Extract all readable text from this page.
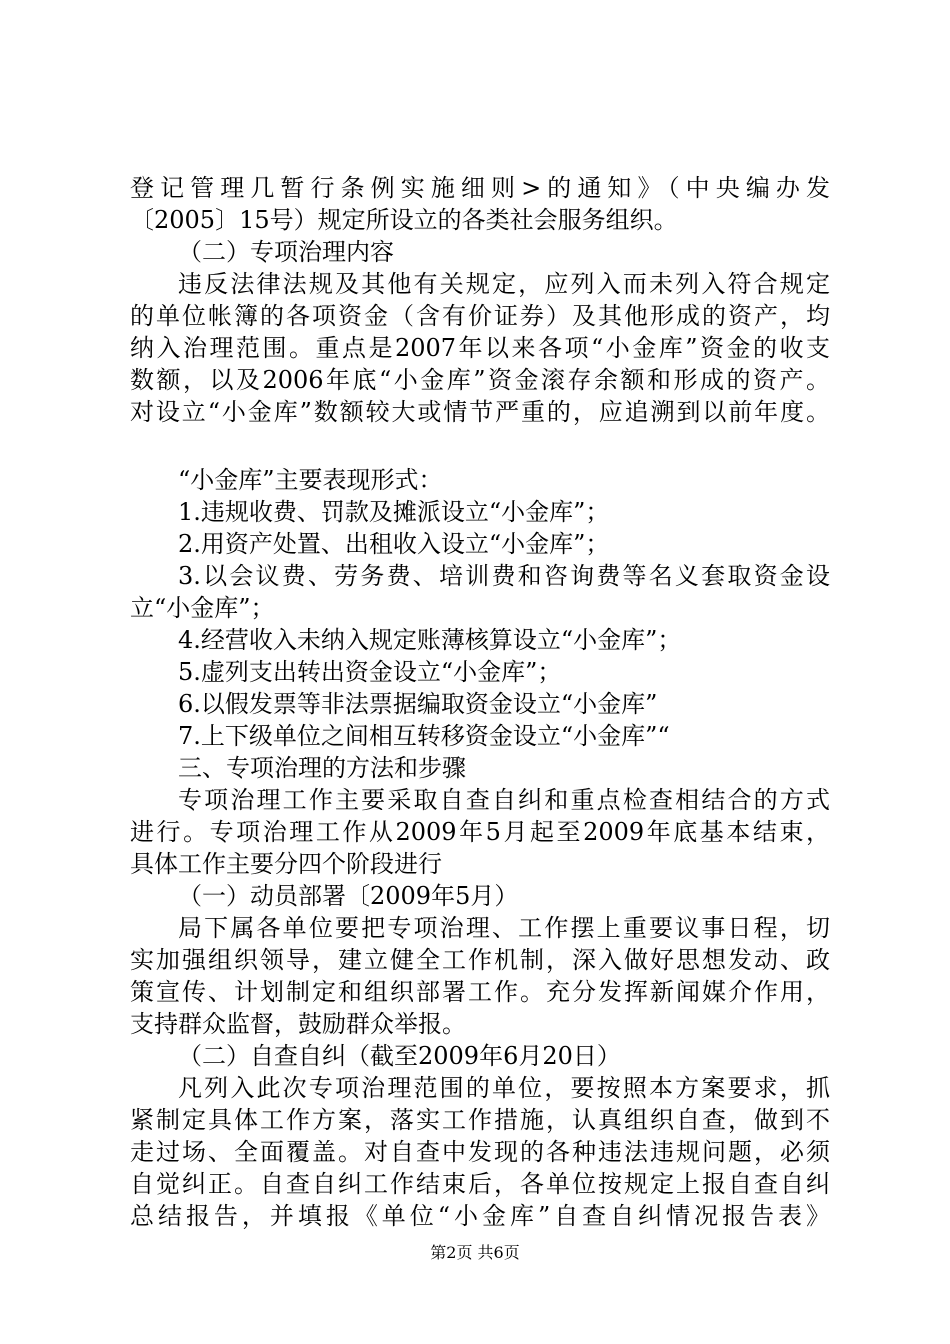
登记管理几暂行条例实施细则>的通知》（中央编办发
〔2005〕15号）规定所设立的各类社会服务组织。
（二）专项治理内容
违反法律法规及其他有关规定，应列入而未列入符合规定
的单位帐簿的各项资金（含有价证券）及其他形成的资产，均
纳入治理范围。重点是2007年以来各项“小金库”资金的收支
数额，以及2006年底“小金库”资金滚存余额和形成的资产。
对设立“小金库”数额较大或情节严重的，应追溯到以前年度。
“小金库”主要表现形式：
1.违规收费、罚款及摊派设立“小金库”；
2.用资产处置、出租收入设立“小金库”；
3.以会议费、劳务费、培训费和咨询费等名义套取资金设
立“小金库”；
4.经营收入未纳入规定账薄核算设立“小金库”；
5.虚列支出转出资金设立“小金库”；
6.以假发票等非法票据编取资金设立“小金库”
7.上下级单位之间相互转移资金设立“小金库”“
三、专项治理的方法和步骤
专项治理工作主要采取自查自纠和重点检查相结合的方式
进行。专项治理工作从2009年5月起至2009年底基本结束，
具体工作主要分四个阶段进行
（一）动员部署〔2009年5月）
局下属各单位要把专项治理、工作摆上重要议事日程，切
实加强组织领导，建立健全工作机制，深入做好思想发动、政
策宣传、计划制定和组织部署工作。充分发挥新闻媒介作用，
支持群众监督，鼓励群众举报。
（二）自查自纠（截至2009年6月20日）
凡列入此次专项治理范围的单位，要按照本方案要求，抓
紧制定具体工作方案，落实工作措施，认真组织自查，做到不
走过场、全面覆盖。对自查中发现的各种违法违规问题，必须
自觉纠正。自查自纠工作结束后，各单位按规定上报自查自纠
总结报告，并填报《单位“小金库”自查自纠情况报告表》
第2页 共6页
